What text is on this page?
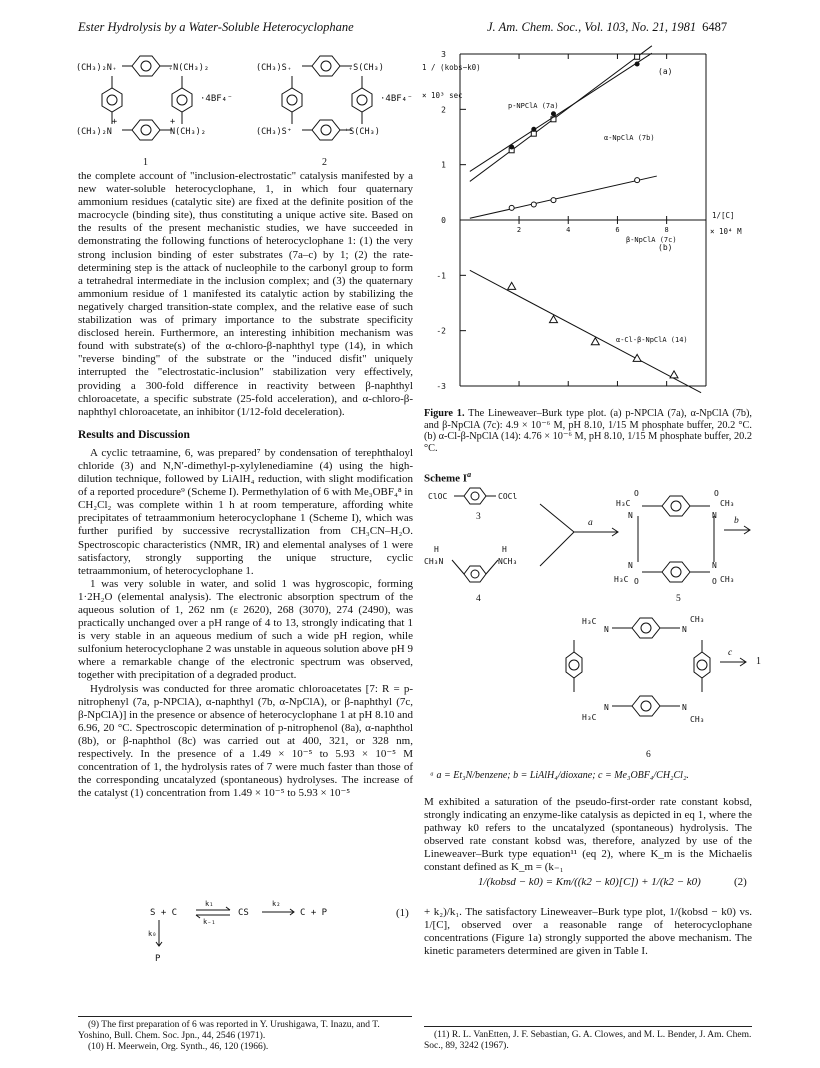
Ester Hydrolysis by a Water-Soluble Heterocyclophane	J. Am. Chem. Soc., Vol. 103, No. 21, 1981 6487
(CH₃)₂N₊	₊N(CH₃)₂
(CH₃)₂N	N(CH₃)₂
+	+
(CH₃)S₊	₊S(CH₃)
(CH₃)S⁺	⁺S(CH₃)
·4BF₄⁻	·4BF₄⁻
1	2

the complete account of "inclusion-electrostatic" catalysis manifested by a new water-soluble heterocyclophane, 1, in which four quaternary ammonium residues (catalytic site) are fixed at the definite position of the macrocycle (binding site), thus constituting a unique active site. Based on the results of the present mechanistic studies, we have succeeded in demonstrating the following functions of heterocyclophane 1: (1) the very strong inclusion binding of ester substrates (7a–c) by 1; (2) the rate-determining step is the attack of nucleophile to the carbonyl group to form a tetrahedral intermediate in the inclusion complex; and (3) the quaternary ammonium residue of 1 manifested its catalytic action by stabilizing the negatively charged transition-state complex, and the relative ease of such stabilization was of primary importance to the substrate specificity disclosed herein. Furthermore, an interesting inhibition mechanism was found with substrate(s) of the α-chloro-β-naphthyl type (14), in which "reverse binding" of the substrate or the "induced disfit" uniquely interrupted the "electrostatic-inclusion" stabilization very effectively, providing a 300-fold difference in reactivity between β-naphthyl chloroacetate, a specific substrate (25-fold acceleration), and α-chloro-β-naphthyl chloroacetate, an inhibitor (1/12-fold deceleration).

Results and Discussion

A cyclic tetraamine, 6, was prepared⁷ by condensation of terephthaloyl chloride (3) and N,N′-dimethyl-p-xylylenediamine (4) using the high-dilution technique, followed by LiAlH₄ reduction, with slight modification of a reported procedure⁹ (Scheme I). Permethylation of 6 with Me₃OBF₄⁸ in CH₂Cl₂ was complete within 1 h at room temperature, affording white precipitates of tetraammonium heterocyclophane 1 (Scheme I), which was further purified by successive recrystallization from CH₃CN–H₂O. Spectroscopic characteristics (NMR, IR) and elemental analyses of 1 were satisfactory, strongly supporting the unique structure, cyclic tetraammonium, of heterocyclophane 1.

1 was very soluble in water, and solid 1 was hygroscopic, forming 1·2H₂O (elemental analysis). The electronic absorption spectrum of the aqueous solution of 1, 262 nm (ε 2620), 268 (3070), 274 (2490), was practically unchanged over a pH range of 4 to 13, strongly indicating that 1 is very stable in an aqueous medium of such a wide pH region, while sulfonium heterocyclophane 2 was unstable in aqueous solution above pH 9 where a remarkable change of the electronic spectrum was observed, together with precipitation of a degraded product.

Hydrolysis was conducted for three aromatic chloroacetates [7: R = p-nitrophenyl (7a, p-NPClA), α-naphthyl (7b, α-NpClA), or β-naphthyl (7c, β-NpClA)] in the presence or absence of heterocyclophane 1 at pH 8.10 and 6.96, 20 °C. Spectroscopic determination of p-nitrophenol (8a), α-naphthol (8b), or β-naphthol (8c) was carried out at 400, 321, or 328 nm, respectively. In the presence of a 1.49 × 10⁻⁵ to 5.93 × 10⁻⁵ M concentration of 1, the hydrolysis rates of 7 were much faster than those of the corresponding uncatalyzed (spontaneous) hydrolyses. The increase of the catalyst (1) concentration from 1.49 × 10⁻⁵ to 5.93 × 10⁻⁵

S + C
k₁
k₋₁
CS
k₂
C + P
k₀
P
(1)
(9) The first preparation of 6 was reported in Y. Urushigawa, T. Inazu, and T. Yoshino, Bull. Chem. Soc. Jpn., 44, 2546 (1971).
(10) H. Meerwein, Org. Synth., 46, 120 (1966).
-3
-2
-1
0
1
2
3
2	4	6	8
1 / (kobs−k0)
× 10³ sec
1/[C]
× 10⁴ M
(a)
(b)
p-NPClA (7a)
α-NpClA (7b)
β-NpClA (7c)
α-Cl-β-NpClA (14)
Figure 1. The Lineweaver–Burk type plot. (a) p-NPClA (7a), α-NpClA (7b), and β-NpClA (7c): 4.9 × 10⁻⁶ M, pH 8.10, 1/15 M phosphate buffer, 20.2 °C. (b) α-Cl-β-NpClA (14): 4.76 × 10⁻⁶ M, pH 8.10, 1/15 M phosphate buffer, 20.2 °C.
Scheme $I^a$
ClOC	COCl
H
CH₃N
H
NCH₃
H₃C
O
N
O
CH₃
N
N
H₃C O
N
O CH₃
H₃C
N	N
CH₃
N
H₃C
N
CH₃
3
4	5
6
a	b
c
1
ᵃ a = Et₃N/benzene; b = LiAlH₄/dioxane; c = Me₃OBF₄/CH₂Cl₂.

M exhibited a saturation of the pseudo-first-order rate constant kobsd, strongly indicating an enzyme-like catalysis as depicted in eq 1, where the pathway k0 refers to the uncatalyzed (spontaneous) hydrolysis. The observed rate constant kobsd was, therefore, analyzed by use of the Lineweaver–Burk type equation¹¹ (eq 2), where K_m is the Michaelis constant defined as K_m = (k₋₁

1/(kobsd − k0) = Km/((k2 − k0)[C]) + 1/(k2 − k0)	(2)

+ k₂)/k₁. The satisfactory Lineweaver–Burk type plot, 1/(kobsd − k0) vs. 1/[C], observed over a reasonable range of heterocyclophane concentrations (Figure 1a) strongly supported the above mechanism. The kinetic parameters determined are given in Table I.

(11) R. L. VanEtten, J. F. Sebastian, G. A. Clowes, and M. L. Bender, J. Am. Chem. Soc., 89, 3242 (1967).
